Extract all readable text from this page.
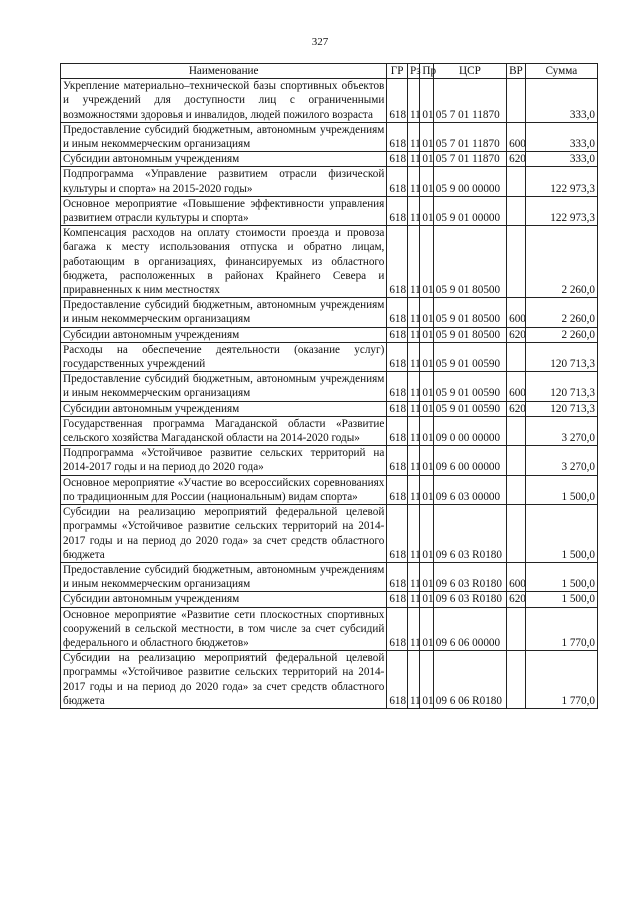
327
Наименование	ГР	Рз	Пр	ЦСР	ВР	Сумма
Укрепление материально–технической базы спортивных объектов и учреждений для доступности лиц с ограниченными возможностями здоровья и инвалидов, людей пожилого возраста	618	11	01	05 7 01 11870		333,0
Предоставление субсидий бюджетным, автономным учреждениям и иным некоммерческим организациям	618	11	01	05 7 01 11870	600	333,0
Субсидии автономным учреждениям	618	11	01	05 7 01 11870	620	333,0
Подпрограмма «Управление развитием отрасли физической культуры и спорта» на 2015-2020 годы»	618	11	01	05 9 00 00000		122 973,3
Основное мероприятие «Повышение эффективности управления развитием отрасли культуры и спорта»	618	11	01	05 9 01 00000		122 973,3
Компенсация расходов на оплату стоимости проезда и провоза багажа к месту использования отпуска и обратно лицам, работающим в организациях, финансируемых из областного бюджета, расположенных в районах Крайнего Севера и приравненных к ним местностях	618	11	01	05 9 01 80500		2 260,0
Предоставление субсидий бюджетным, автономным учреждениям и иным некоммерческим организациям	618	11	01	05 9 01 80500	600	2 260,0
Субсидии автономным учреждениям	618	11	01	05 9 01 80500	620	2 260,0
Расходы на обеспечение деятельности (оказание услуг) государственных учреждений	618	11	01	05 9 01 00590		120 713,3
Предоставление субсидий бюджетным, автономным учреждениям и иным некоммерческим организациям	618	11	01	05 9 01 00590	600	120 713,3
Субсидии автономным учреждениям	618	11	01	05 9 01 00590	620	120 713,3
Государственная программа Магаданской области «Развитие сельского хозяйства Магаданской области на 2014-2020 годы»	618	11	01	09 0 00 00000		3 270,0
Подпрограмма «Устойчивое развитие сельских территорий на 2014-2017 годы и на период до 2020 года»	618	11	01	09 6 00 00000		3 270,0
Основное мероприятие «Участие во всероссийских соревнованиях по традиционным для России (национальным) видам спорта»	618	11	01	09 6 03 00000		1 500,0
Субсидии на реализацию мероприятий федеральной целевой программы «Устойчивое развитие сельских территорий на 2014-2017 годы и на период до 2020 года» за счет средств областного бюджета	618	11	01	09 6 03 R0180		1 500,0
Предоставление субсидий бюджетным, автономным учреждениям и иным некоммерческим организациям	618	11	01	09 6 03 R0180	600	1 500,0
Субсидии автономным учреждениям	618	11	01	09 6 03 R0180	620	1 500,0
Основное мероприятие «Развитие сети плоскостных спортивных сооружений в сельской местности, в том числе за счет субсидий федерального и областного бюджетов»	618	11	01	09 6 06 00000		1 770,0
Субсидии на реализацию мероприятий федеральной целевой программы «Устойчивое развитие сельских территорий на 2014-2017 годы и на период до 2020 года» за счет средств областного бюджета	618	11	01	09 6 06 R0180		1 770,0
